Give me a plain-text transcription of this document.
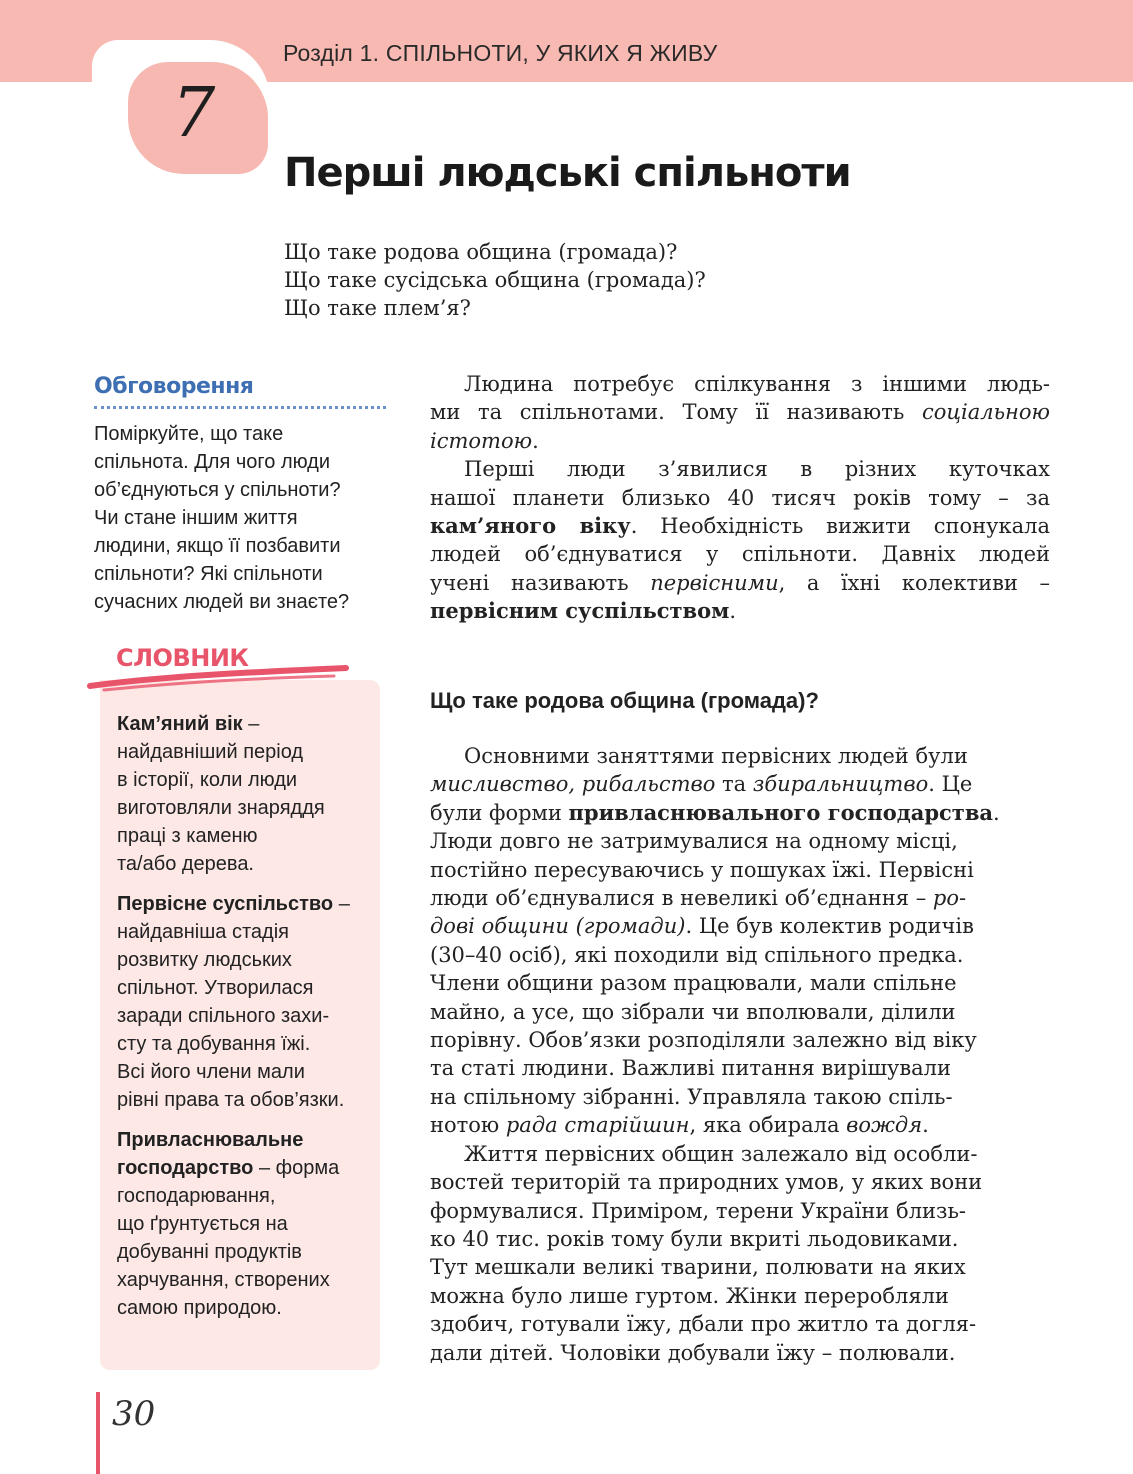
Розділ 1. СПІЛЬНОТИ, У ЯКИХ Я ЖИВУ
7
Перші людські спільноти
Що таке родова община (громада)?
Що таке сусідська община (громада)?
Що таке плем’я?
Обговорення
Поміркуйте, що таке
спільнота. Для чого люди
об’єднуються у спільноти?
Чи стане іншим життя
людини, якщо її позбавити
спільноти? Які спільноти
сучасних людей ви знаєте?
СЛОВНИК
Кам’яний вік –
найдавніший період
в історії, коли люди
виготовляли знаряддя
праці з каменю
та/або дерева.
Первісне суспільство –
найдавніша стадія
розвитку людських
спільнот. Утворилася
заради спільного захи-
сту та добування їжі.
Всі його члени мали
рівні права та обов’язки.
Привласнювальне
господарство – форма
господарювання,
що ґрунтується на
добуванні продуктів
харчування, створених
самою природою.
Людина потребує спілкування з іншими людь-
ми та спільнотами. Тому її називають соціальною
істотою.
Перші люди з’явилися в різних куточках
нашої планети близько 40 тисяч років тому – за
кам’яного віку. Необхідність вижити спонукала
людей об’єднуватися у спільноти. Давніх людей
учені називають первісними, а їхні колективи –
первісним суспільством.
Що таке родова община (громада)?
Основними заняттями первісних людей були
мисливство, рибальство та збиральництво. Це
були форми привласнювального господарства.
Люди довго не затримувалися на одному місці,
постійно пересуваючись у пошуках їжі. Первісні
люди об’єднувалися в невеликі об’єднання – ро-
дові общини (громади). Це був колектив родичів
(30–40 осіб), які походили від спільного предка.
Члени общини разом працювали, мали спільне
майно, а усе, що зібрали чи вполювали, ділили
порівну. Обов’язки розподіляли залежно від віку
та статі людини. Важливі питання вирішували
на спільному зібранні. Управляла такою спіль-
нотою рада старійшин, яка обирала вождя.
Життя первісних общин залежало від особли-
востей територій та природних умов, у яких вони
формувалися. Приміром, терени України близь-
ко 40 тис. років тому були вкриті льодовиками.
Тут мешкали великі тварини, полювати на яких
можна було лише гуртом. Жінки переробляли
здобич, готували їжу, дбали про житло та догля-
дали дітей. Чоловіки добували їжу – полювали.
30
